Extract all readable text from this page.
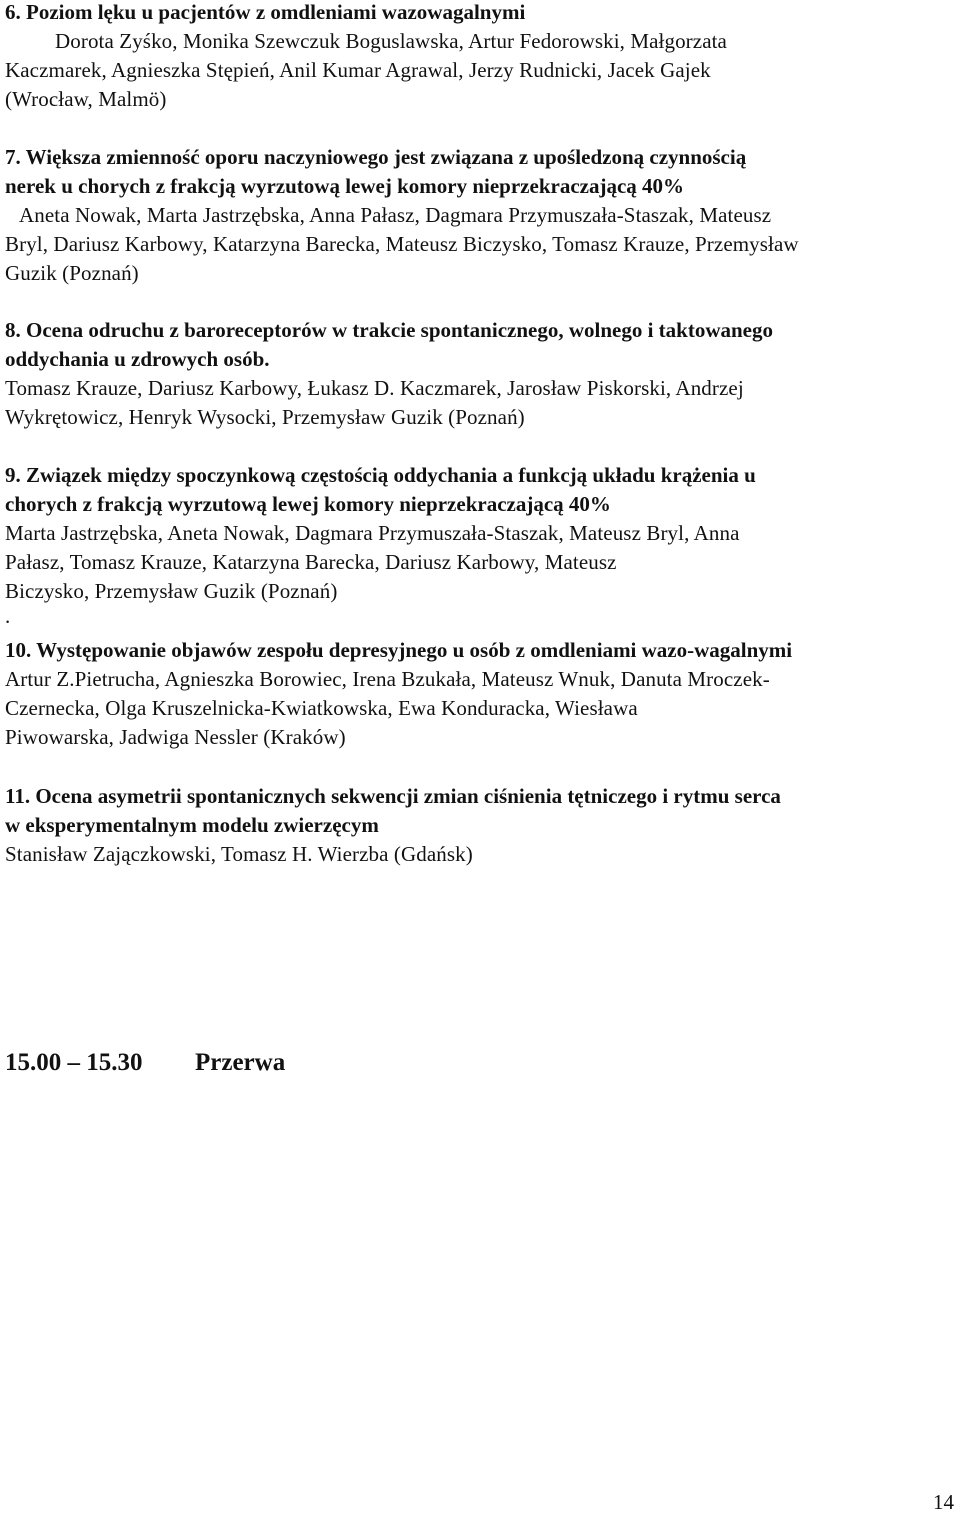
6. Poziom lęku u pacjentów z omdleniami wazowagalnymi
Dorota Zyśko, Monika Szewczuk Boguslawska, Artur Fedorowski, Małgorzata
Kaczmarek, Agnieszka Stępień, Anil Kumar Agrawal, Jerzy Rudnicki, Jacek Gajek
(Wrocław, Malmö)
7. Większa zmienność oporu naczyniowego jest związana z upośledzoną czynnością
nerek u chorych z frakcją wyrzutową lewej komory nieprzekraczającą 40%
Aneta Nowak, Marta Jastrzębska, Anna Pałasz, Dagmara Przymuszała-Staszak, Mateusz
Bryl, Dariusz Karbowy, Katarzyna Barecka, Mateusz Biczysko, Tomasz Krauze, Przemysław
Guzik (Poznań)
8. Ocena odruchu z baroreceptorów w trakcie spontanicznego, wolnego i taktowanego
oddychania u zdrowych osób.
Tomasz Krauze, Dariusz Karbowy, Łukasz D. Kaczmarek, Jarosław Piskorski, Andrzej
Wykrętowicz, Henryk Wysocki, Przemysław Guzik (Poznań)
9. Związek między spoczynkową częstością oddychania a funkcją układu krążenia u
chorych z frakcją wyrzutową lewej komory nieprzekraczającą 40%
Marta Jastrzębska, Aneta Nowak, Dagmara Przymuszała-Staszak, Mateusz Bryl, Anna
Pałasz, Tomasz Krauze, Katarzyna Barecka, Dariusz Karbowy, Mateusz
Biczysko, Przemysław Guzik (Poznań)
.
10. Występowanie objawów zespołu depresyjnego u osób z omdleniami wazo-wagalnymi
Artur Z.Pietrucha, Agnieszka Borowiec, Irena Bzukała, Mateusz Wnuk, Danuta Mroczek-
Czernecka, Olga Kruszelnicka-Kwiatkowska, Ewa Konduracka, Wiesława
Piwowarska, Jadwiga Nessler (Kraków)
11. Ocena asymetrii spontanicznych sekwencji zmian ciśnienia tętniczego i rytmu serca
w eksperymentalnym modelu zwierzęcym
Stanisław Zajączkowski, Tomasz H. Wierzba (Gdańsk)
15.00 – 15.30 Przerwa
14
